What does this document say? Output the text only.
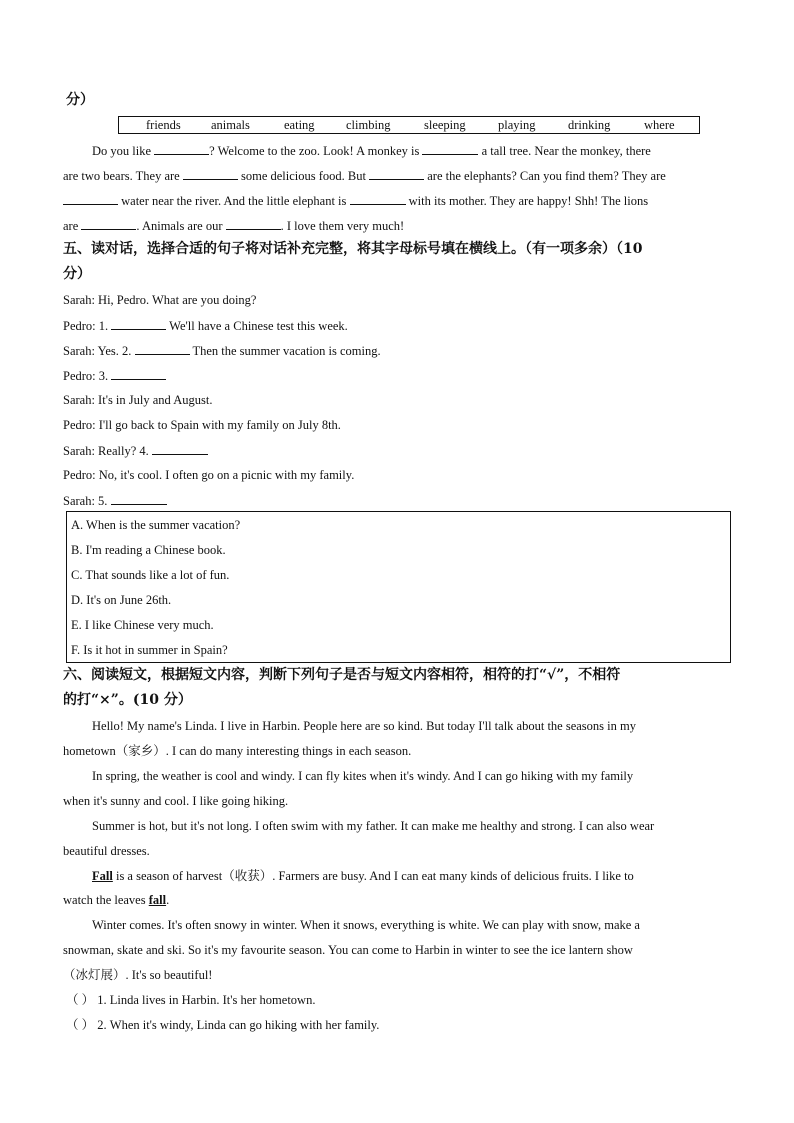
分）
friends animals	eating	climbing	sleeping	playing	drinking	where
Do you like	? Welcome to the zoo. Look! A monkey is	a tall tree. Near the monkey, there
are two bears. They are	some delicious food. But	are the elephants? Can you find them? They are
water near the river. And the little elephant is	with its mother. They are happy! Shh! The lions
are	. Animals are our	. I love them very much!
五、读对话，选择合适的句子将对话补充完整，将其字母标号填在横线上。（有一项多余）（10
分）
Sarah: Hi, Pedro. What are you doing?
Pedro: 1.	We'll have a Chinese test this week.
Sarah: Yes. 2.	Then the summer vacation is coming.
Pedro: 3.
Sarah: It's in July and August.
Pedro: I'll go back to Spain with my family on July 8th.
Sarah: Really? 4.
Pedro: No, it's cool. I often go on a picnic with my family.
Sarah: 5.
A. When is the summer vacation?
B. I'm reading a Chinese book.
C. That sounds like a lot of fun.
D. It's on June 26th.
E. I like Chinese very much.
F. Is it hot in summer in Spain?
六、阅读短文，根据短文内容，判断下列句子是否与短文内容相符，相符的打“√”，不相符
的打“×”。(10 分）
Hello! My name's Linda. I live in Harbin. People here are so kind. But today I'll talk about the seasons in my
hometown（家乡）. I can do many interesting things in each season.
In spring, the weather is cool and windy. I can fly kites when it's windy. And I can go hiking with my family
when it's sunny and cool. I like going hiking.
Summer is hot, but it's not long. I often swim with my father. It can make me healthy and strong. I can also wear
beautiful dresses.
Fall is a season of harvest（收获）. Farmers are busy. And I can eat many kinds of delicious fruits. I like to
watch the leaves fall.
Winter comes. It's often snowy in winter. When it snows, everything is white. We can play with snow, make a
snowman, skate and ski. So it's my favourite season. You can come to Harbin in winter to see the ice lantern show
（冰灯展）. It's so beautiful!
（ ） 1. Linda lives in Harbin. It's her hometown.
（ ） 2. When it's windy, Linda can go hiking with her family.
